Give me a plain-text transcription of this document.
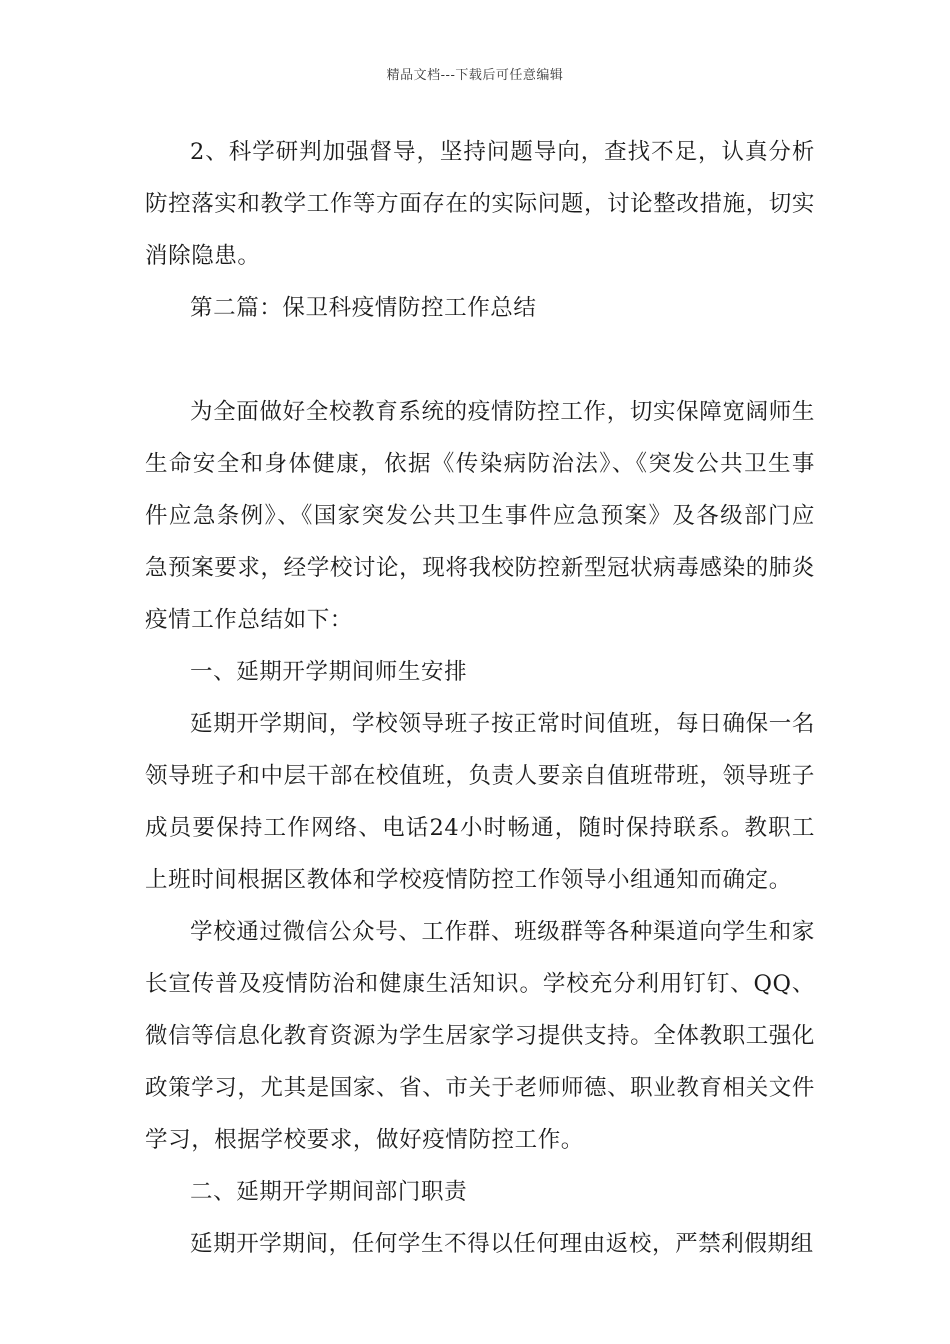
精品文档---下载后可任意编辑

2、科学研判加强督导，坚持问题导向，查找不足，认真分析防控落实和教学工作等方面存在的实际问题，讨论整改措施，切实消除隐患。

第二篇：保卫科疫情防控工作总结

为全面做好全校教育系统的疫情防控工作，切实保障宽阔师生生命安全和身体健康，依据《传染病防治法》、《突发公共卫生事件应急条例》、《国家突发公共卫生事件应急预案》及各级部门应急预案要求，经学校讨论，现将我校防控新型冠状病毒感染的肺炎疫情工作总结如下：

一、延期开学期间师生安排

延期开学期间，学校领导班子按正常时间值班，每日确保一名领导班子和中层干部在校值班，负责人要亲自值班带班，领导班子成员要保持工作网络、电话24小时畅通，随时保持联系。教职工上班时间根据区教体和学校疫情防控工作领导小组通知而确定。

学校通过微信公众号、工作群、班级群等各种渠道向学生和家长宣传普及疫情防治和健康生活知识。学校充分利用钉钉、QQ、微信等信息化教育资源为学生居家学习提供支持。全体教职工强化政策学习，尤其是国家、省、市关于老师师德、职业教育相关文件学习，根据学校要求，做好疫情防控工作。

二、延期开学期间部门职责

延期开学期间，任何学生不得以任何理由返校，严禁利假期组
